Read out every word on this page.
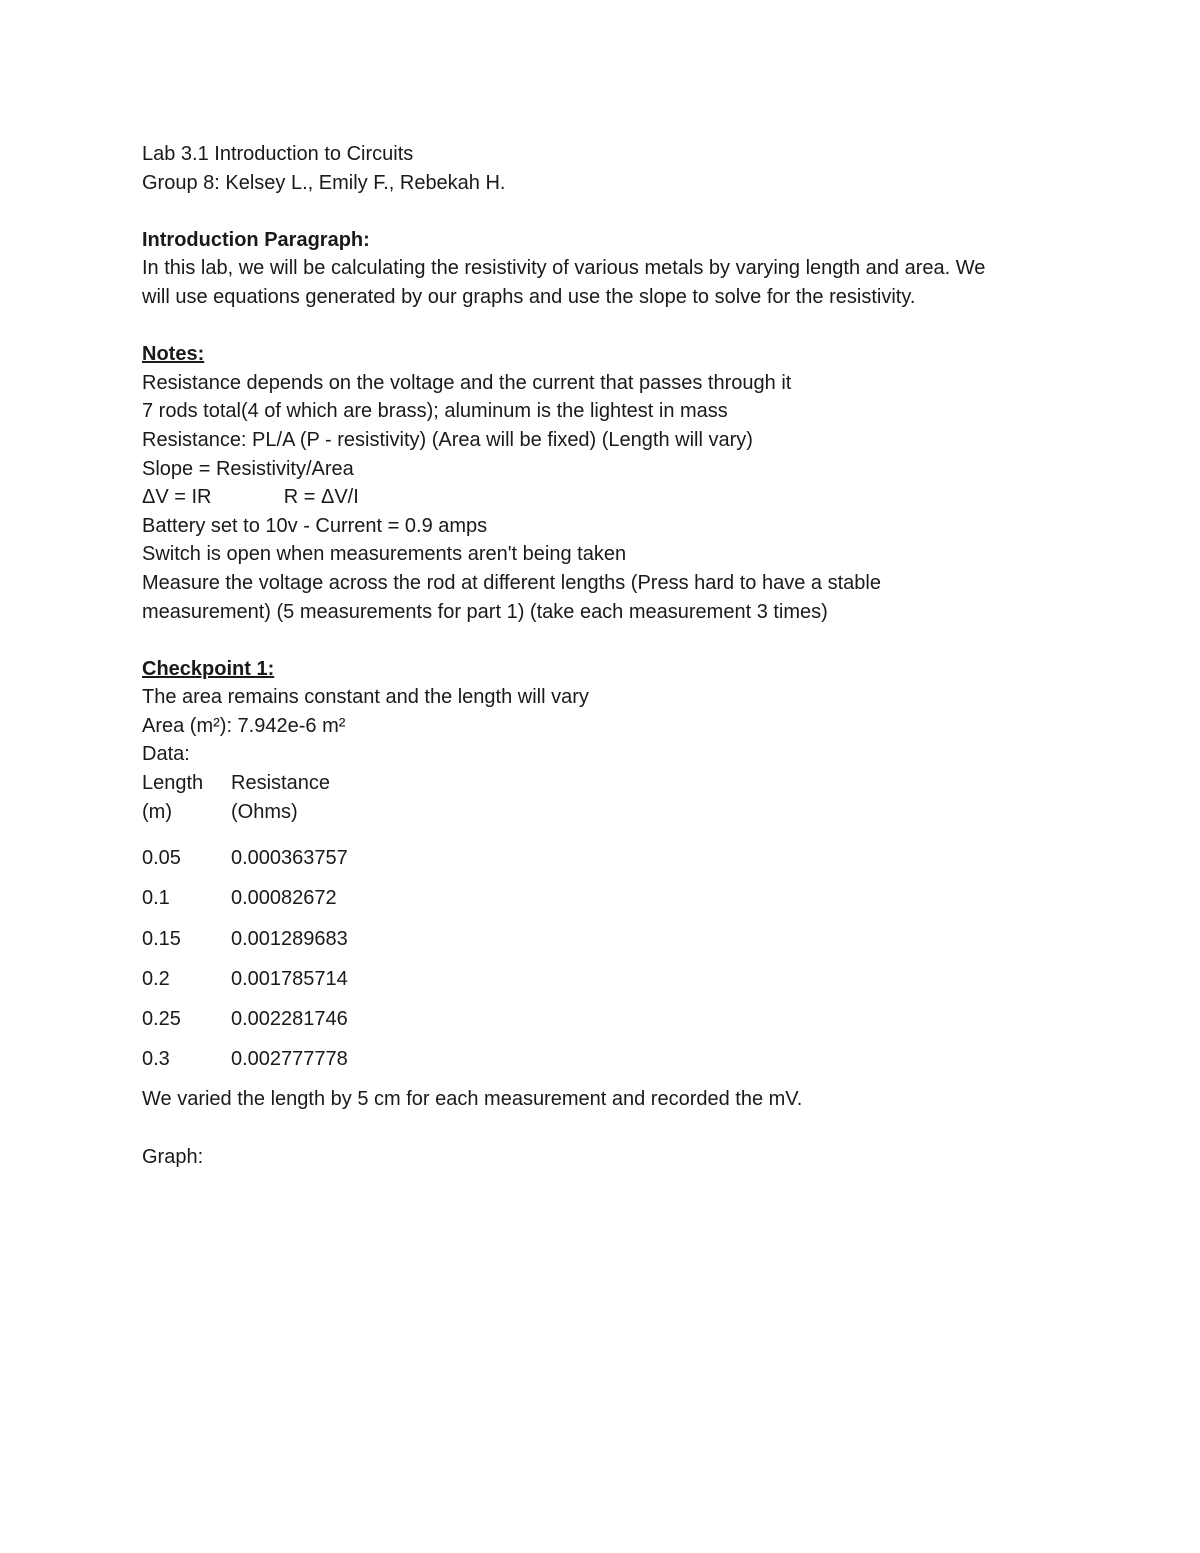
Lab 3.1 Introduction to Circuits
Group 8: Kelsey L., Emily F., Rebekah H.
Introduction Paragraph:
In this lab, we will be calculating the resistivity of various metals by varying length and area. We
will use equations generated by our graphs and use the slope to solve for the resistivity.
Notes:
Resistance depends on the voltage and the current that passes through it
7 rods total(4 of which are brass); aluminum is the lightest in mass
Resistance: PL/A (P - resistivity) (Area will be fixed) (Length will vary)
Slope = Resistivity/Area
ΔV = IR             R = ΔV/I
Battery set to 10v - Current = 0.9 amps
Switch is open when measurements aren't being taken
Measure the voltage across the rod at different lengths (Press hard to have a stable
measurement) (5 measurements for part 1) (take each measurement 3 times)
Checkpoint 1:
The area remains constant and the length will vary
Area (m²): 7.942e-6 m²
Data:
Length	Resistance
(m)	(Ohms)
0.05	0.000363757
0.1	0.00082672
0.15	0.001289683
0.2	0.001785714
0.25	0.002281746
0.3	0.002777778
We varied the length by 5 cm for each measurement and recorded the mV.
Graph:
